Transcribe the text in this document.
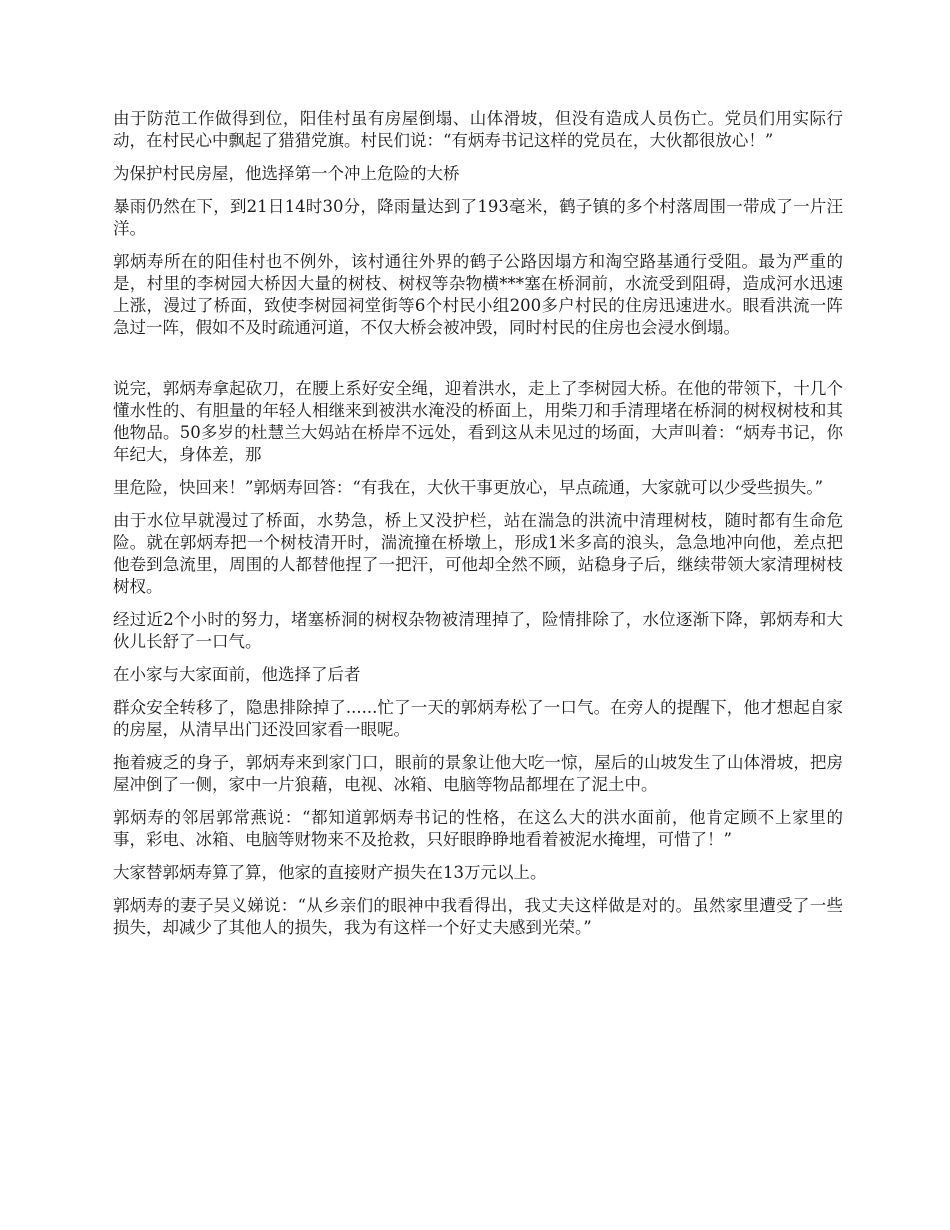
由于防范工作做得到位，阳佳村虽有房屋倒塌、山体滑坡，但没有造成人员伤亡。党员们用实际行动，在村民心中飘起了猎猎党旗。村民们说：“有炳寿书记这样的党员在，大伙都很放心！”

为保护村民房屋，他选择第一个冲上危险的大桥

暴雨仍然在下，到21日14时30分，降雨量达到了193毫米，鹤子镇的多个村落周围一带成了一片汪洋。

郭炳寿所在的阳佳村也不例外，该村通往外界的鹤子公路因塌方和淘空路基通行受阻。最为严重的是，村里的李树园大桥因大量的树枝、树杈等杂物横***塞在桥洞前，水流受到阻碍，造成河水迅速上涨，漫过了桥面，致使李树园祠堂街等6个村民小组200多户村民的住房迅速进水。眼看洪流一阵急过一阵，假如不及时疏通河道，不仅大桥会被冲毁，同时村民的住房也会浸水倒塌。

说完，郭炳寿拿起砍刀，在腰上系好安全绳，迎着洪水，走上了李树园大桥。在他的带领下，十几个懂水性的、有胆量的年轻人相继来到被洪水淹没的桥面上，用柴刀和手清理堵在桥洞的树杈树枝和其他物品。50多岁的杜慧兰大妈站在桥岸不远处，看到这从未见过的场面，大声叫着：“炳寿书记，你年纪大，身体差，那

里危险，快回来！”郭炳寿回答：“有我在，大伙干事更放心，早点疏通，大家就可以少受些损失。”

由于水位早就漫过了桥面，水势急，桥上又没护栏，站在湍急的洪流中清理树枝，随时都有生命危险。就在郭炳寿把一个树枝清开时，湍流撞在桥墩上，形成1米多高的浪头，急急地冲向他，差点把他卷到急流里，周围的人都替他捏了一把汗，可他却全然不顾，站稳身子后，继续带领大家清理树枝树杈。

经过近2个小时的努力，堵塞桥洞的树杈杂物被清理掉了，险情排除了，水位逐渐下降，郭炳寿和大伙儿长舒了一口气。

在小家与大家面前，他选择了后者

群众安全转移了，隐患排除掉了......忙了一天的郭炳寿松了一口气。在旁人的提醒下，他才想起自家的房屋，从清早出门还没回家看一眼呢。

拖着疲乏的身子，郭炳寿来到家门口，眼前的景象让他大吃一惊，屋后的山坡发生了山体滑坡，把房屋冲倒了一侧，家中一片狼藉，电视、冰箱、电脑等物品都埋在了泥土中。

郭炳寿的邻居郭常燕说：“都知道郭炳寿书记的性格，在这么大的洪水面前，他肯定顾不上家里的事，彩电、冰箱、电脑等财物来不及抢救，只好眼睁睁地看着被泥水掩埋，可惜了！”

大家替郭炳寿算了算，他家的直接财产损失在13万元以上。

郭炳寿的妻子吴义娣说：“从乡亲们的眼神中我看得出，我丈夫这样做是对的。虽然家里遭受了一些损失，却减少了其他人的损失，我为有这样一个好丈夫感到光荣。”
